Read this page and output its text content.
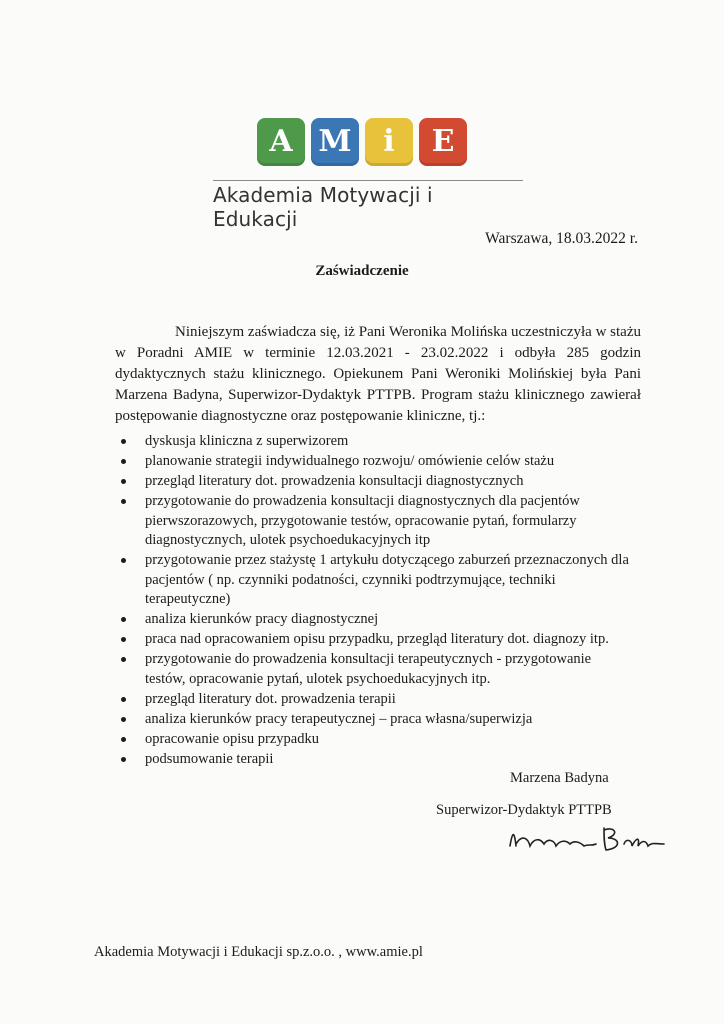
A M	i	E
Akademia Motywacji i Edukacji
Warszawa, 18.03.2022 r.
Zaświadczenie

Niniejszym zaświadcza się, iż Pani Weronika Molińska uczestniczyła w stażu w Poradni AMIE w terminie 12.03.2021 - 23.02.2022 i odbyła 285 godzin dydaktycznych stażu klinicznego. Opiekunem Pani Weroniki Molińskiej była Pani Marzena Badyna, Superwizor-Dydaktyk PTTPB. Program stażu klinicznego zawierał postępowanie diagnostyczne oraz postępowanie kliniczne, tj.:

dyskusja kliniczna z superwizorem
planowanie strategii indywidualnego rozwoju/ omówienie celów stażu
przegląd literatury dot. prowadzenia konsultacji diagnostycznych
przygotowanie do prowadzenia konsultacji diagnostycznych dla pacjentów pierwszorazowych, przygotowanie testów, opracowanie pytań, formularzy diagnostycznych, ulotek psychoedukacyjnych itp
przygotowanie przez stażystę 1 artykułu dotyczącego zaburzeń przeznaczonych dla pacjentów ( np. czynniki podatności, czynniki podtrzymujące, techniki terapeutyczne)
analiza kierunków pracy diagnostycznej
praca nad opracowaniem opisu przypadku, przegląd literatury dot. diagnozy itp.
przygotowanie do prowadzenia konsultacji terapeutycznych - przygotowanie testów, opracowanie pytań, ulotek psychoedukacyjnych itp.
przegląd literatury dot. prowadzenia terapii
analiza kierunków pracy terapeutycznej – praca własna/superwizja
opracowanie opisu przypadku
podsumowanie terapii
Marzena Badyna
Superwizor-Dydaktyk PTTPB
Akademia Motywacji i Edukacji sp.z.o.o. , www.amie.pl
